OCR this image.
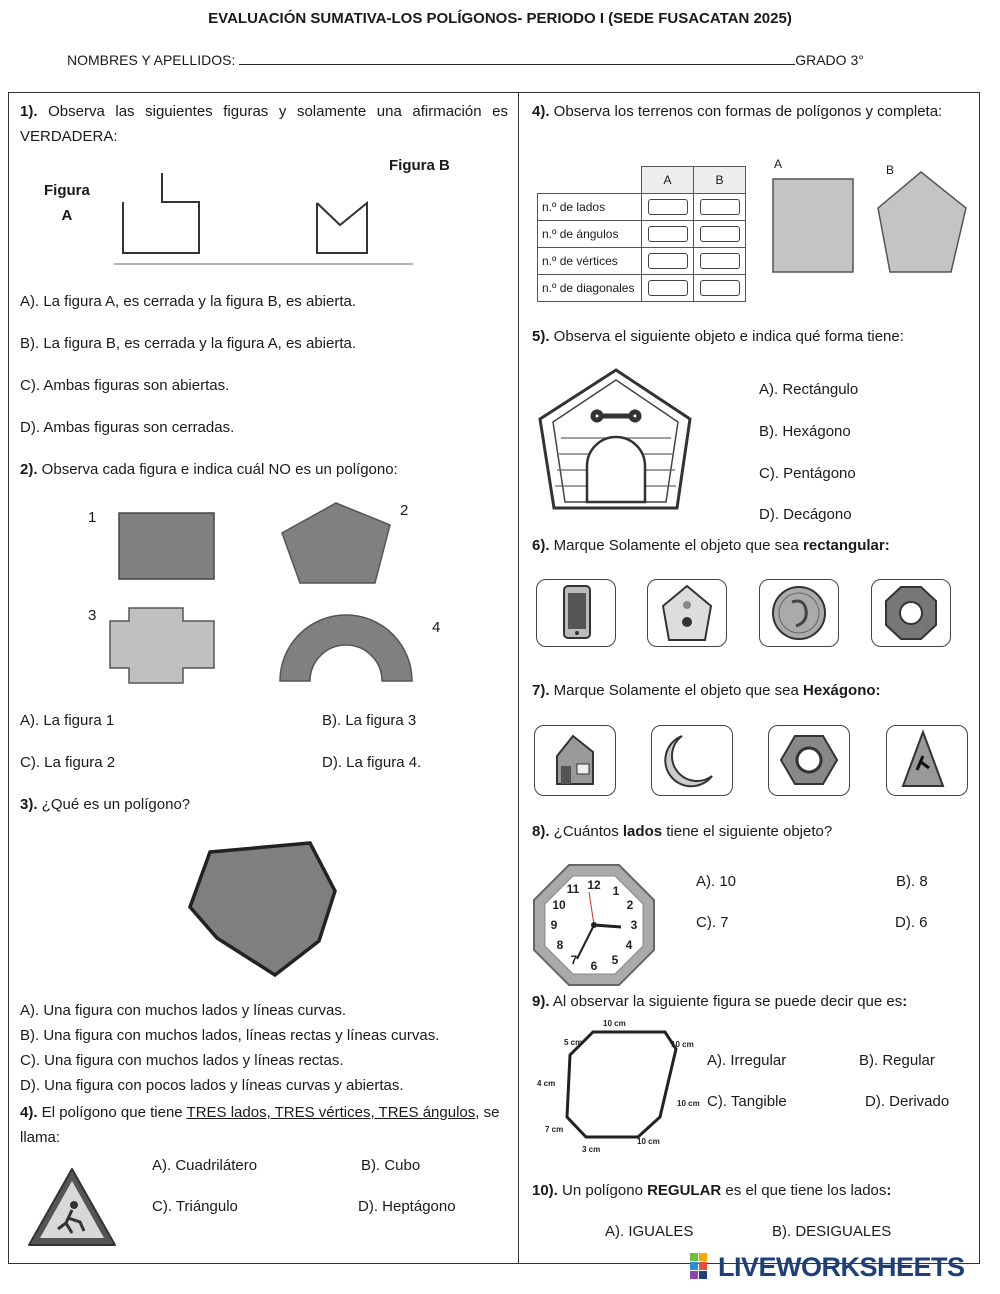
EVALUACIÓN SUMATIVA-LOS POLÍGONOS- PERIODO I (SEDE FUSACATAN 2025)
NOMBRES Y APELLIDOS:	GRADO 3°
1). Observa las siguientes figuras y solamente una afirmación es VERDADERA:
Figura
A
Figura B
A). La figura A, es cerrada y la figura B, es abierta.
B). La figura B, es cerrada y la figura A, es abierta.
C). Ambas figuras son abiertas.
D). Ambas figuras son cerradas.
2). Observa cada figura e indica cuál NO es un polígono:
1	2
3
4
A). La figura 1	B). La figura 3
C). La figura 2	D). La figura 4.
3). ¿Qué es un polígono?
A). Una figura con muchos lados y líneas curvas.
B). Una figura con muchos lados, líneas rectas y líneas curvas.
C). Una figura con muchos lados y líneas rectas.
D). Una figura con pocos lados y líneas curvas y abiertas.
4). El polígono que tiene TRES lados, TRES vértices, TRES ángulos, se llama:
A). Cuadrilátero	B). Cubo
C). Triángulo	D). Heptágono
4). Observa los terrenos con formas de polígonos y completa:
	A	B
n.º de lados		
n.º de ángulos		
n.º de vértices		
n.º de diagonales		
A	B
5). Observa el siguiente objeto e indica qué forma tiene:
A). Rectángulo
B). Hexágono
C). Pentágono
D). Decágono
6). Marque Solamente el objeto que sea rectangular:
7). Marque Solamente el objeto que sea Hexágono:
8). ¿Cuántos lados tiene el siguiente objeto?
12 1
2
3
4
5
6
7
8
9
10
11	A). 10	B). 8
C). 7	D). 6
9). Al observar la siguiente figura se puede decir que es:
10 cm
10 cm
10 cm
10 cm
3 cm
7 cm
4 cm
5 cm
A). Irregular	B). Regular
C). Tangible	D). Derivado
10). Un polígono REGULAR es el que tiene los lados:
A). IGUALES	B). DESIGUALES
LIVEWORKSHEETS
